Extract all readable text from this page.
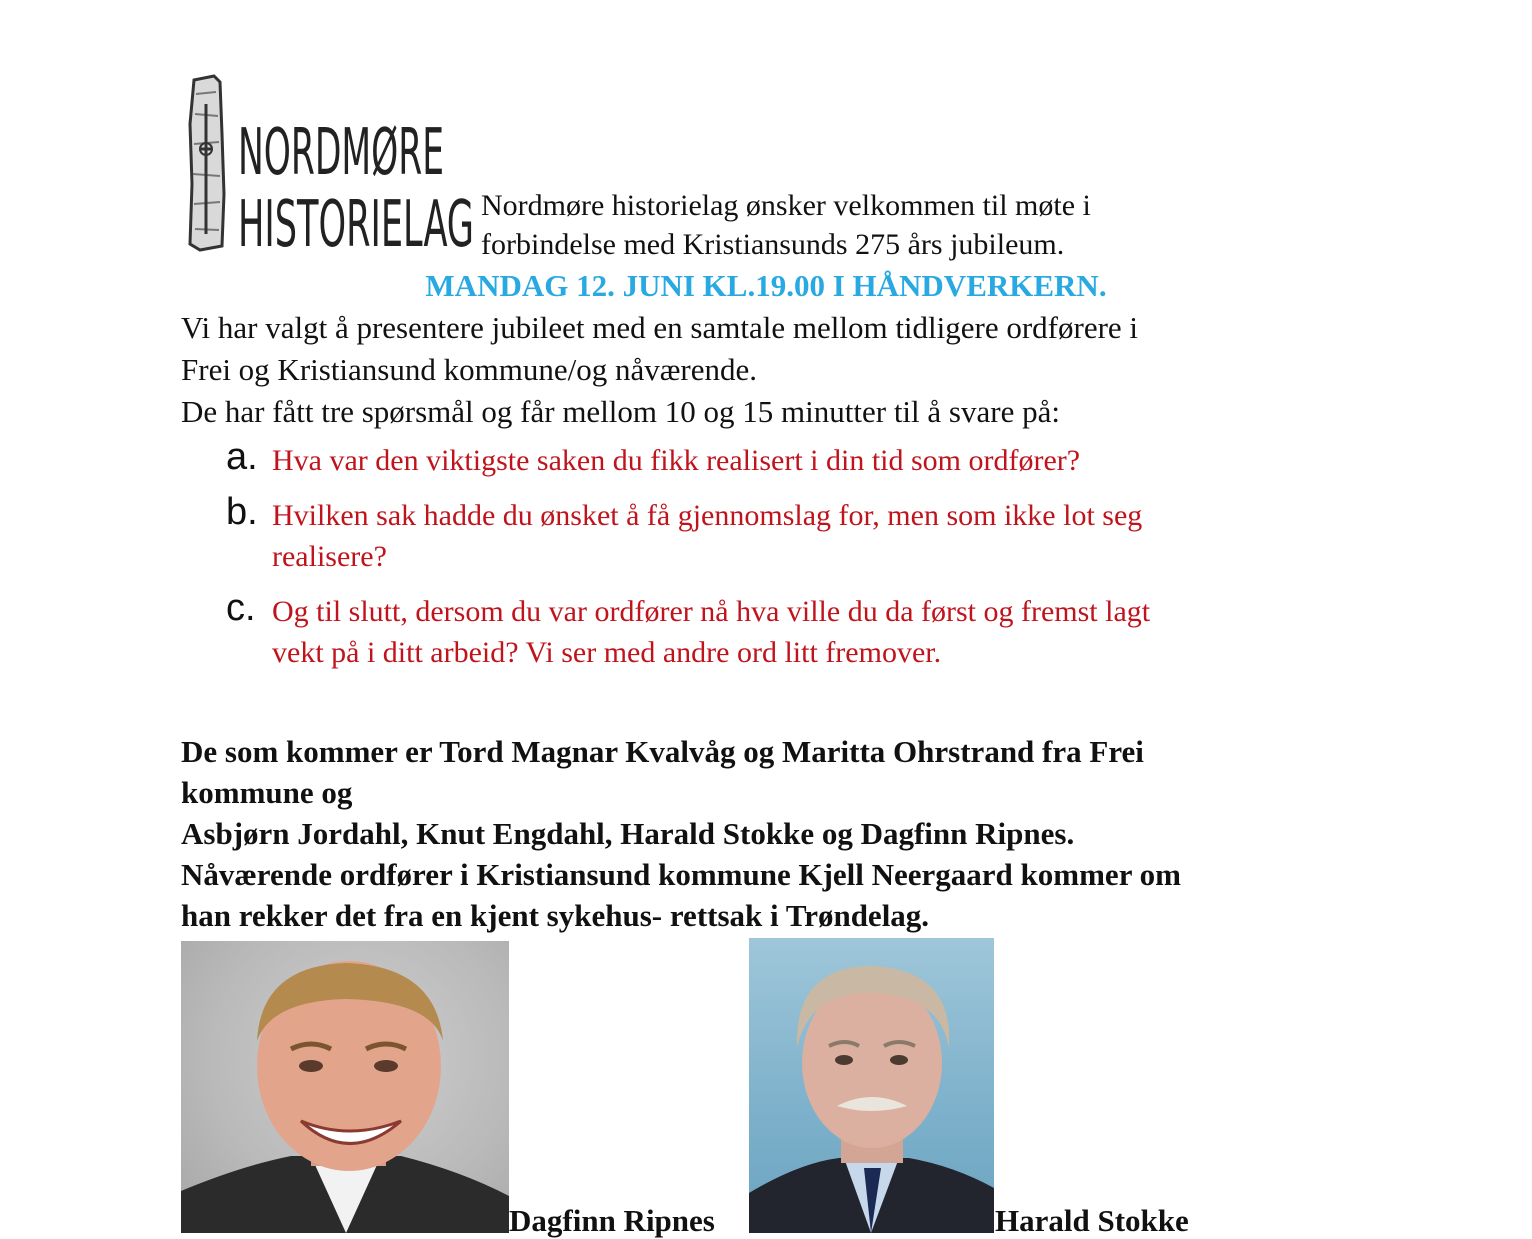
NORDMØRE
HISTORIELAG Nordmøre historielag ønsker velkommen til møte i
forbindelse med Kristiansunds 275 års jubileum.
MANDAG 12. JUNI KL.19.00 I HÅNDVERKERN.
Vi har valgt å presentere jubileet med en samtale mellom tidligere ordførere i
Frei og Kristiansund kommune/og nåværende.
De har fått tre spørsmål og får mellom 10 og 15 minutter til å svare på:
a. Hva var den viktigste saken du fikk realisert i din tid som ordfører?
b. Hvilken sak hadde du ønsket å få gjennomslag for, men som ikke lot seg
realisere?
c. Og til slutt, dersom du var ordfører nå hva ville du da først og fremst lagt
vekt på i ditt arbeid? Vi ser med andre ord litt fremover.
De som kommer er Tord Magnar Kvalvåg og Maritta Ohrstrand fra Frei
kommune og
Asbjørn Jordahl, Knut Engdahl, Harald Stokke og Dagfinn Ripnes.
Nåværende ordfører i Kristiansund kommune Kjell Neergaard kommer om
han rekker det fra en kjent sykehus- rettsak i Trøndelag.
Dagfinn Ripnes	Harald Stokke
